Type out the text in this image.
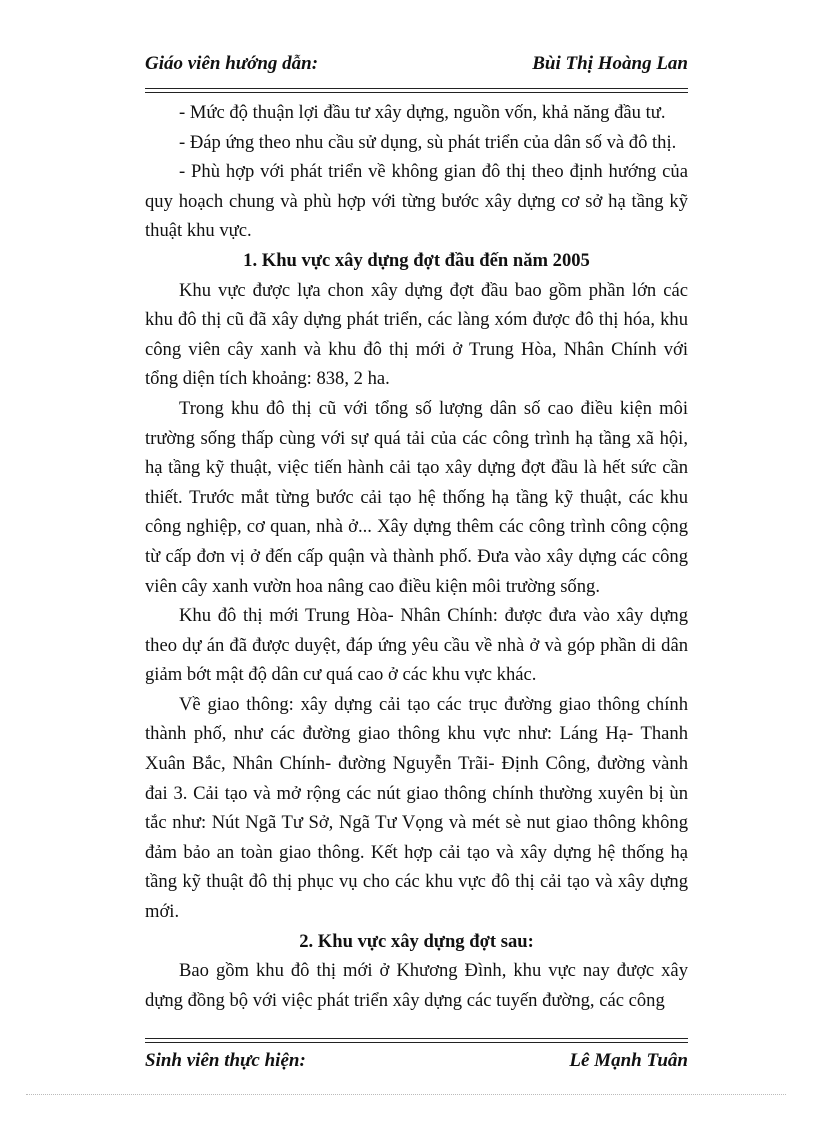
Giáo viên hướng dẫn:	Bùi Thị Hoàng Lan

- Mức độ thuận lợi đầu tư xây dựng, nguồn vốn, khả năng đầu tư.

- Đáp ứng theo nhu cầu sử dụng, sù phát triển của dân số và đô thị.

- Phù hợp với phát triển về không gian đô thị theo định hướng của quy hoạch chung và phù hợp với từng bước xây dựng cơ sở hạ tầng kỹ thuật khu vực.

1. Khu vực xây dựng đợt đầu đến năm 2005

Khu vực được lựa chon xây dựng đợt đầu bao gồm phần lớn các khu đô thị cũ đã xây dựng phát triển, các làng xóm được đô thị hóa, khu công viên cây xanh và khu đô thị mới ở Trung Hòa, Nhân Chính với tổng diện tích khoảng: 838, 2 ha.

Trong khu đô thị cũ với tổng số lượng dân số cao điều kiện môi trường sống thấp cùng với sự quá tải của các công trình hạ tầng xã hội, hạ tầng kỹ thuật, việc tiến hành cải tạo xây dựng đợt đầu là hết sức cần thiết. Trước mắt từng bước cải tạo hệ thống hạ tầng kỹ thuật, các khu công nghiệp, cơ quan, nhà ở... Xây dựng thêm các công trình công cộng từ cấp đơn vị ở đến cấp quận và thành phố. Đưa vào xây dựng các công viên cây xanh vườn hoa nâng cao điều kiện môi trường sống.

Khu đô thị mới Trung Hòa- Nhân Chính: được đưa vào xây dựng theo dự án đã được duyệt, đáp ứng yêu cầu về nhà ở và góp phần di dân giảm bớt mật độ dân cư quá cao ở các khu vực khác.

Về giao thông: xây dựng cải tạo các trục đường giao thông chính thành phố, như các đường giao thông khu vực như: Láng Hạ- Thanh Xuân Bắc, Nhân Chính- đường Nguyễn Trãi- Định Công, đường vành đai 3. Cải tạo và mở rộng các nút giao thông chính thường xuyên bị ùn tắc như: Nút Ngã Tư Sở, Ngã Tư Vọng và mét sè nut giao thông không đảm bảo an toàn giao thông. Kết hợp cải tạo và xây dựng hệ thống hạ tầng kỹ thuật đô thị phục vụ cho các khu vực đô thị cải tạo và xây dựng mới.

2. Khu vực xây dựng đợt sau:

Bao gồm khu đô thị mới ở Khương Đình, khu vực nay được xây dựng đồng bộ với việc phát triển xây dựng các tuyến đường, các công

Sinh viên thực hiện:	Lê Mạnh Tuân
